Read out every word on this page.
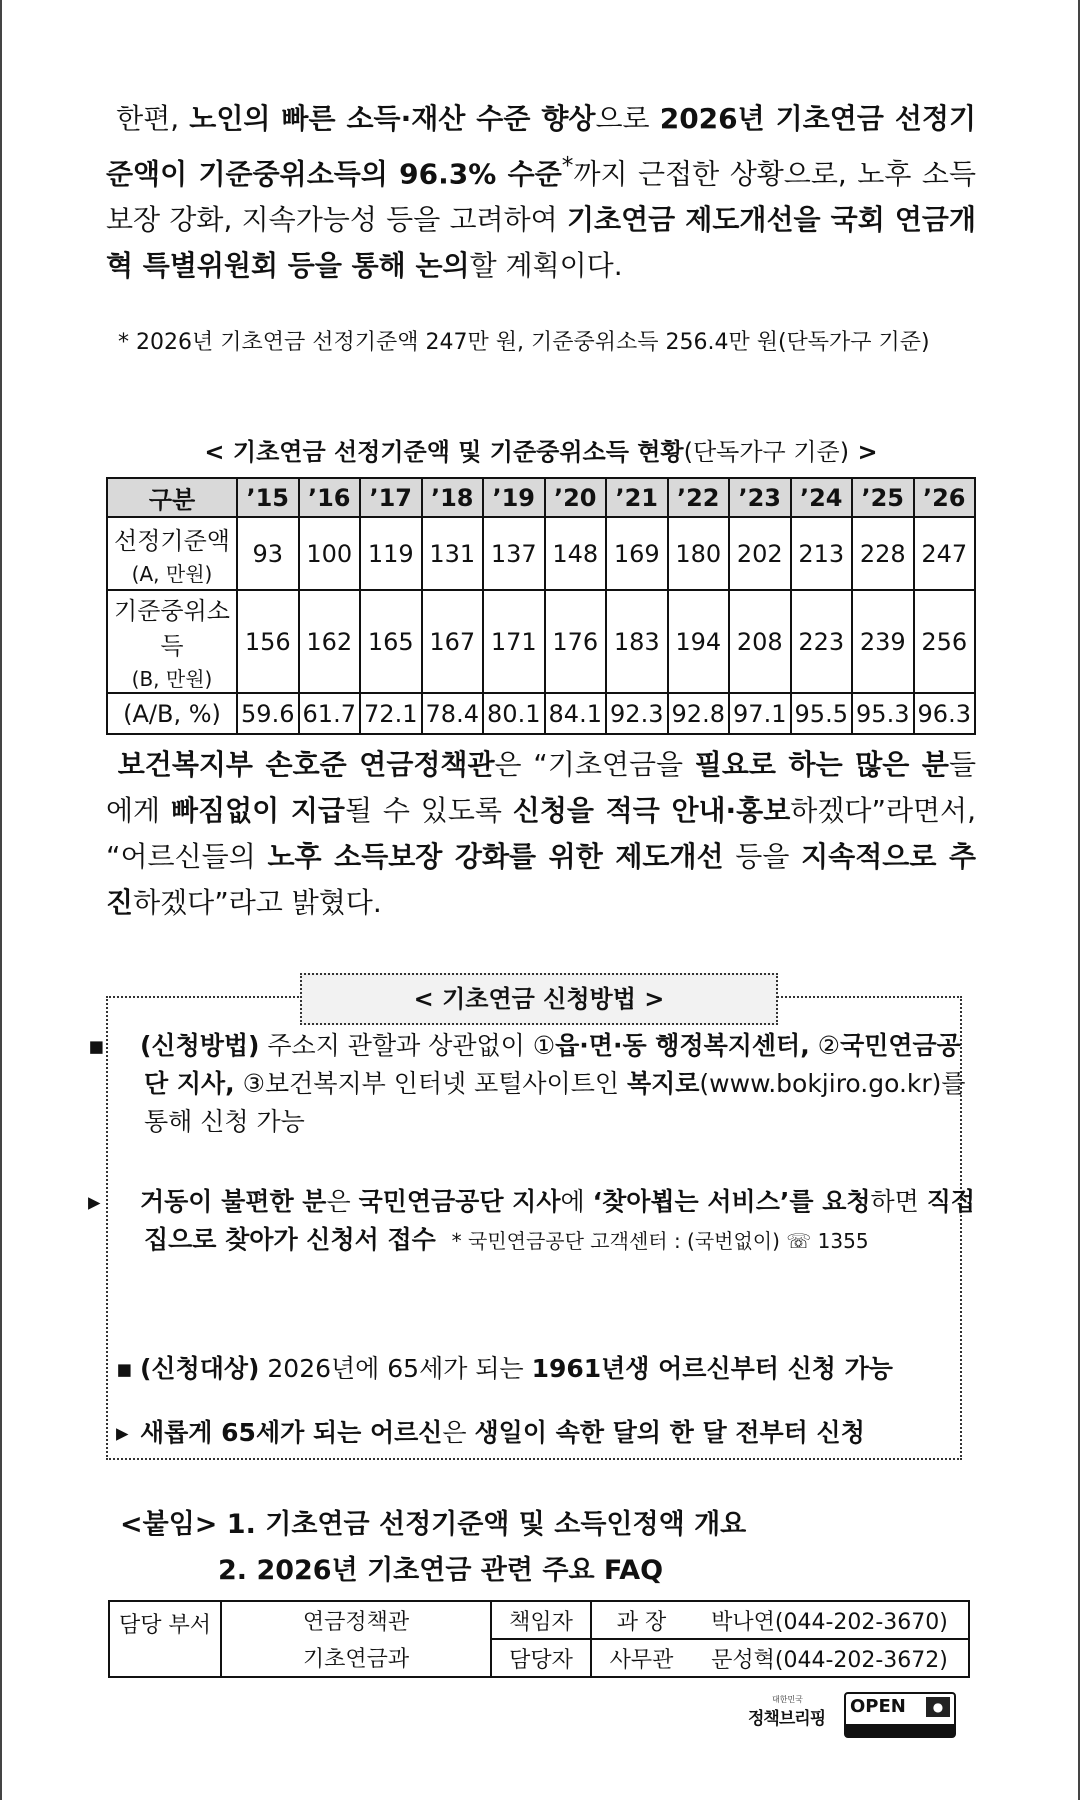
한편, 노인의 빠른 소득·재산 수준 향상으로 2026년 기초연금 선정기준액이 기준중위소득의 96.3% 수준*까지 근접한 상황으로, 노후 소득보장 강화, 지속가능성 등을 고려하여 기초연금 제도개선을 국회 연금개혁 특별위원회 등을 통해 논의할 계획이다.
* 2026년 기초연금 선정기준액 247만 원, 기준중위소득 256.4만 원(단독가구 기준)
< 기초연금 선정기준액 및 기준중위소득 현황(단독가구 기준) >
구분	’15	’16	’17	’18	’19	’20	’21	’22	’23	’24	’25	’26
선정기준액
(A, 만원)	93	100	119	131	137	148	169	180	202	213	228	247
기준중위소득
(B, 만원)	156	162	165	167	171	176	183	194	208	223	239	256
(A/B, %)	59.6	61.7	72.1	78.4	80.1	84.1	92.3	92.8	97.1	95.5	95.3	96.3
보건복지부 손호준 연금정책관은 “기초연금을 필요로 하는 많은 분들에게 빠짐없이 지급될 수 있도록 신청을 적극 안내·홍보하겠다”라면서, “어르신들의 노후 소득보장 강화를 위한 제도개선 등을 지속적으로 추진하겠다”라고 밝혔다.
< 기초연금 신청방법 >
▪ (신청방법) 주소지 관할과 상관없이 ①읍·면·동 행정복지센터, ②국민연금공단 지사, ③보건복지부 인터넷 포털사이트인 복지로(www.bokjiro.go.kr)를 통해 신청 가능
▸ 거동이 불편한 분은 국민연금공단 지사에 ‘찾아뵙는 서비스’를 요청하면 직접 집으로 찾아가 신청서 접수 * 국민연금공단 고객센터 : (국번없이) ☏ 1355
▪ (신청대상) 2026년에 65세가 되는 1961년생 어르신부터 신청 가능
▸ 새롭게 65세가 되는 어르신은 생일이 속한 달의 한 달 전부터 신청
<붙임> 1. 기초연금 선정기준액 및 소득인정액 개요
2. 2026년 기초연금 관련 주요 FAQ
담당 부서	연금정책관	책임자	과 장	박나연(044-202-3670)
	기초연금과	담당자	사무관	문성혁(044-202-3672)
대한민국
정책브리핑
OPEN	●
